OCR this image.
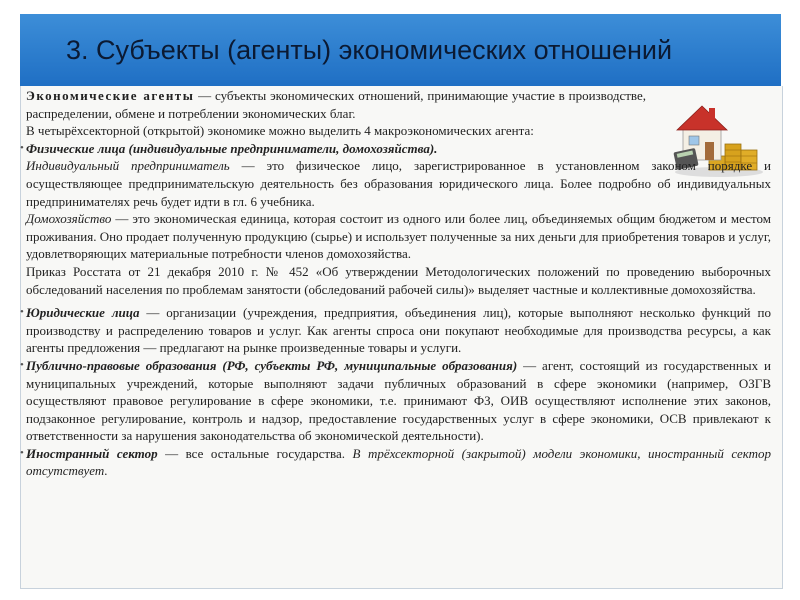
3. Субъекты (агенты) экономических отношений

Экономические агенты — субъекты экономических отношений, принимающие участие в производстве, распределении, обмене и потреблении экономических благ.

В четырёхсекторной (открытой) экономике можно выделить 4 макроэкономических агента:

• Физические лица (индивидуальные предприниматели, домохозяйства).

Индивидуальный предприниматель — это физическое лицо, зарегистрированное в установленном законом порядке и осуществляющее предпринимательскую деятельность без образования юридического лица. Более подробно об индивидуальных предпринимателях речь будет идти в гл. 6 учебника.

Домохозяйство — это экономическая единица, которая состоит из одного или более лиц, объединяемых общим бюджетом и местом проживания. Оно продает полученную продукцию (сырье) и использует полученные за них деньги для приобретения товаров и услуг, удовлетворяющих материальные потребности членов домохозяйства.

Приказ Росстата от 21 декабря 2010 г. № 452 «Об утверждении Методологических положений по проведению выборочных обследований населения по проблемам занятости (обследований рабочей силы)» выделяет частные и коллективные домохозяйства.

• Юридические лица — организации (учреждения, предприятия, объединения лиц), которые выполняют несколько функций по производству и распределению товаров и услуг. Как агенты спроса они покупают необходимые для производства ресурсы, а как агенты предложения — предлагают на рынке произведенные товары и услуги.

• Публично-правовые образования (РФ, субъекты РФ, муниципальные образования) — агент, состоящий из государственных и муниципальных учреждений, которые выполняют задачи публичных образований в сфере экономики (например, ОЗГВ осуществляют правовое регулирование в сфере экономики, т.е. принимают ФЗ, ОИВ осуществляют исполнение этих законов, подзаконное регулирование, контроль и надзор, предоставление государственных услуг в сфере экономики, ОСВ привлекают к ответственности за нарушения законодательства об экономической деятельности).

• Иностранный сектор — все остальные государства. В трёхсекторной (закрытой) модели экономики, иностранный сектор отсутствует.
